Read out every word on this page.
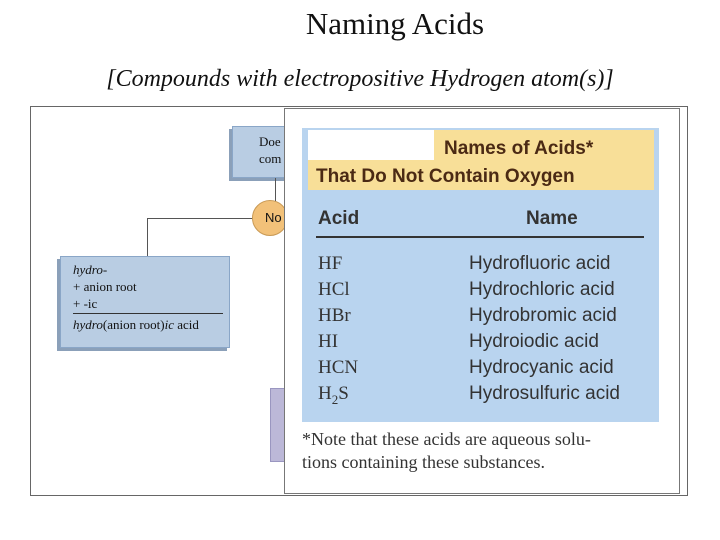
Naming Acids
[Compounds with electropositive Hydrogen atom(s)]
Doe
com
No
hydro-
+ anion root
+ -ic
hydro(anion root)ic acid
Names of Acids*
That Do Not Contain Oxygen
Acid	Name
HF	Hydrofluoric acid
HCl	Hydrochloric acid
HBr	Hydrobromic acid
HI	Hydroiodic acid
HCN	Hydrocyanic acid
$H_2S$	Hydrosulfuric acid
*Note that these acids are aqueous solu-
tions containing these substances.
